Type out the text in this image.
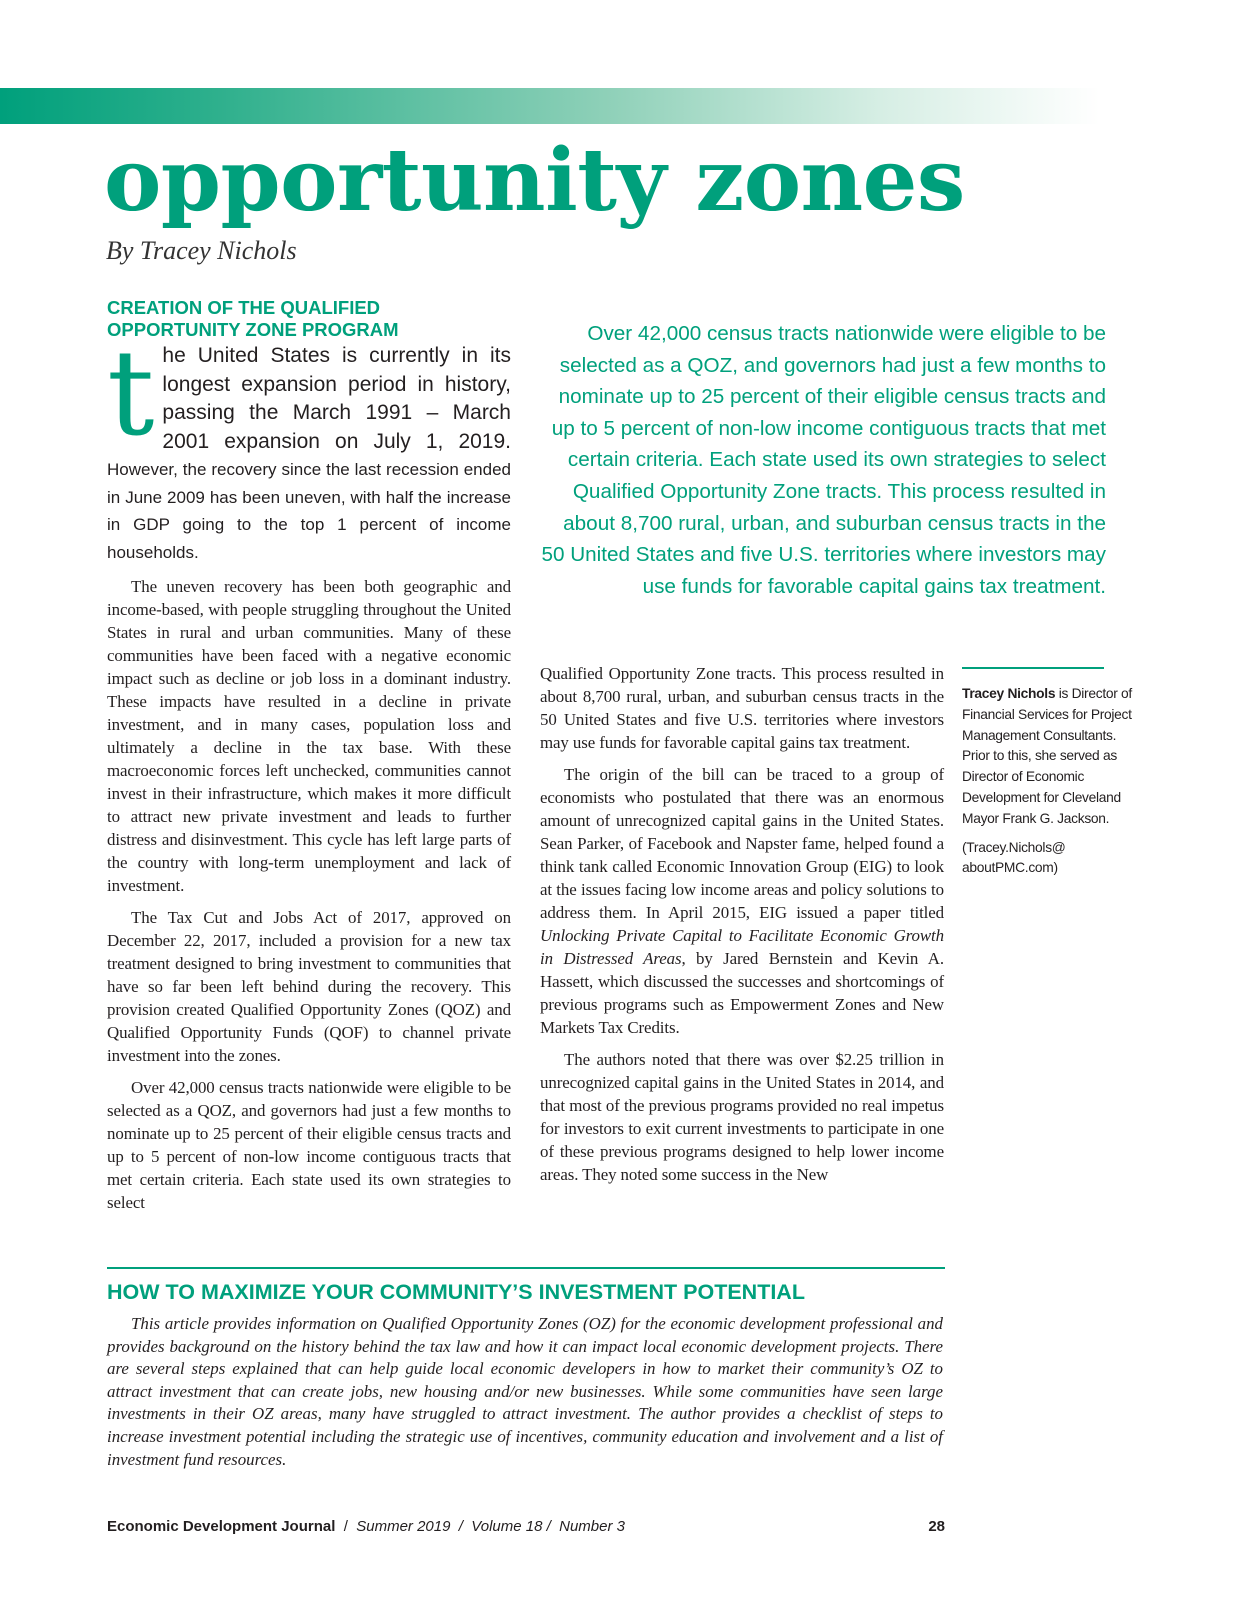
opportunity zones
By Tracey Nichols
CREATION OF THE QUALIFIED
OPPORTUNITY ZONE PROGRAM

the United States is currently in its longest expansion period in history, passing the March 1991 – March 2001 expansion on July 1, 2019. However, the recovery since the last recession ended in June 2009 has been uneven, with half the increase in GDP going to the top 1 percent of income households.

The uneven recovery has been both geographic and income-based, with people struggling throughout the United States in rural and urban communities. Many of these communities have been faced with a negative economic impact such as decline or job loss in a dominant industry. These impacts have resulted in a decline in private investment, and in many cases, population loss and ultimately a decline in the tax base. With these macroeconomic forces left unchecked, communities cannot invest in their infrastructure, which makes it more difficult to attract new private investment and leads to further distress and disinvestment. This cycle has left large parts of the country with long-term unemployment and lack of investment.

The Tax Cut and Jobs Act of 2017, approved on December 22, 2017, included a provision for a new tax treatment designed to bring investment to communities that have so far been left behind during the recovery. This provision created Qualified Opportunity Zones (QOZ) and Qualified Opportunity Funds (QOF) to channel private investment into the zones.

Over 42,000 census tracts nationwide were eligible to be selected as a QOZ, and governors had just a few months to nominate up to 25 percent of their eligible census tracts and up to 5 percent of non-low income contiguous tracts that met certain criteria. Each state used its own strategies to select

Over 42,000 census tracts nationwide were eligible to be selected as a QOZ, and governors had just a few months to nominate up to 25 percent of their eligible census tracts and up to 5 percent of non-low income contiguous tracts that met certain criteria. Each state used its own strategies to select Qualified Opportunity Zone tracts. This process resulted in about 8,700 rural, urban, and suburban census tracts in the 50 United States and five U.S. territories where investors may use funds for favorable capital gains tax treatment.

Qualified Opportunity Zone tracts. This process resulted in about 8,700 rural, urban, and suburban census tracts in the 50 United States and five U.S. territories where investors may use funds for favorable capital gains tax treatment.

The origin of the bill can be traced to a group of economists who postulated that there was an enormous amount of unrecognized capital gains in the United States. Sean Parker, of Facebook and Napster fame, helped found a think tank called Economic Innovation Group (EIG) to look at the issues facing low income areas and policy solutions to address them. In April 2015, EIG issued a paper titled Unlocking Private Capital to Facilitate Economic Growth in Distressed Areas, by Jared Bernstein and Kevin A. Hassett, which discussed the successes and shortcomings of previous programs such as Empowerment Zones and New Markets Tax Credits.

The authors noted that there was over $2.25 trillion in unrecognized capital gains in the United States in 2014, and that most of the previous programs provided no real impetus for investors to exit current investments to participate in one of these previous programs designed to help lower income areas. They noted some success in the New

Tracey Nichols is Director of Financial Services for Project Management Consultants. Prior to this, she served as Director of Economic Development for Cleveland Mayor Frank G. Jackson.

(Tracey.Nichols@
aboutPMC.com)

HOW TO MAXIMIZE YOUR COMMUNITY’S INVESTMENT POTENTIAL

This article provides information on Qualified Opportunity Zones (OZ) for the economic development professional and provides background on the history behind the tax law and how it can impact local economic development projects. There are several steps explained that can help guide local economic developers in how to market their community’s OZ to attract investment that can create jobs, new housing and/or new businesses. While some communities have seen large investments in their OZ areas, many have struggled to attract investment. The author provides a checklist of steps to increase investment potential including the strategic use of incentives, community education and involvement and a list of investment fund resources.

Economic Development Journal  /  Summer 2019  /  Volume 18 /  Number 3	28
